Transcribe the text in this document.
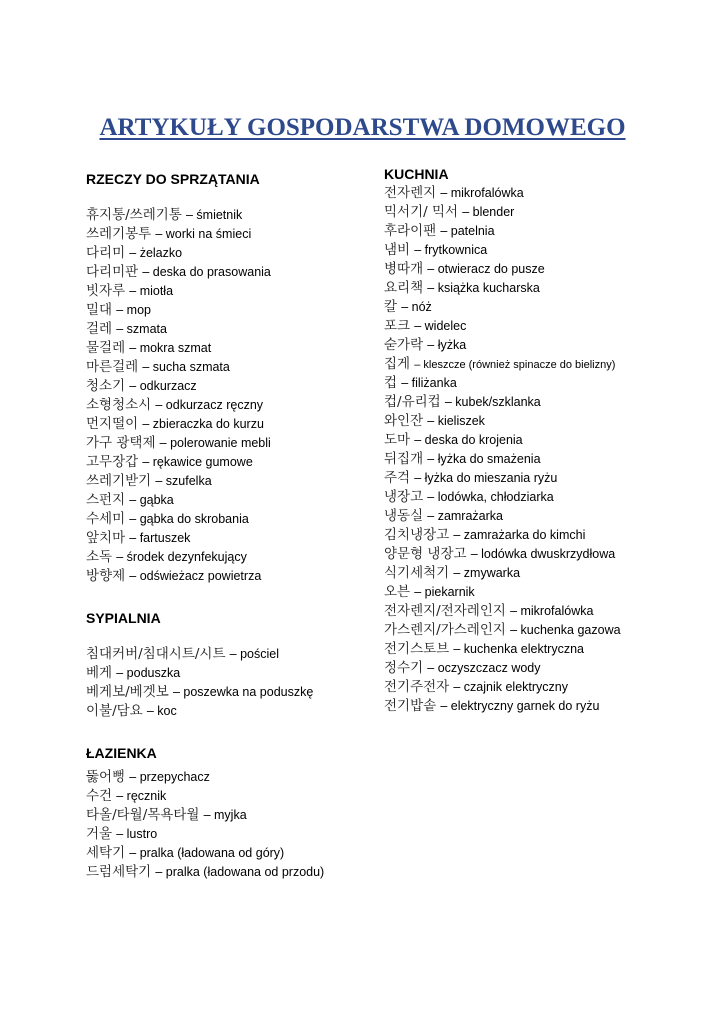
ARTYKUŁY GOSPODARSTWA DOMOWEGO
RZECZY DO SPRZĄTANIA
휴지통/쓰레기통 – śmietnik
쓰레기봉투 – worki na śmieci
다리미 – żelazko
다리미판 – deska do prasowania
빗자루 – miotła
밀대 – mop
걸레 – szmata
물걸레 – mokra szmat
마른걸레 – sucha szmata
청소기 – odkurzacz
소형청소시 – odkurzacz ręczny
먼지떨이 – zbieraczka do kurzu
가구 광택제 – polerowanie mebli
고무장갑 – rękawice gumowe
쓰레기받기 – szufelka
스펀지 – gąbka
수세미 – gąbka do skrobania
앞치마 – fartuszek
소독 – środek dezynfekujący
방향제 – odświeżacz powietrza
SYPIALNIA
침대커버/침대시트/시트 – pościel
베게 – poduszka
베게보/베겟보 – poszewka na poduszkę
이불/담요 – koc
ŁAZIENKA
뚫어뻥 – przepychacz
수건 – ręcznik
타올/타월/목욕타월 – myjka
거울 – lustro
세탁기 – pralka (ładowana od góry)
드럼세탁기 – pralka (ładowana od przodu)
KUCHNIA
전자렌지 – mikrofalówka
믹서기/ 믹서 – blender
후라이팬 – patelnia
냄비 – frytkownica
병따개 – otwieracz do pusze
요리책 – książka kucharska
칼 – nóż
포크 – widelec
숟가락 – łyżka
집게 – kleszcze (również spinacze do bielizny)
컵 – filiżanka
컵/유리컵 – kubek/szklanka
와인잔 – kieliszek
도마 – deska do krojenia
뒤집개 – łyżka do smażenia
주걱 – łyżka do mieszania ryżu
냉장고 – lodówka, chłodziarka
냉동실 – zamrażarka
김치냉장고 – zamrażarka do kimchi
양문형 냉장고 – lodówka dwuskrzydłowa
식기세척기 – zmywarka
오븐 – piekarnik
전자렌지/전자레인지 – mikrofalówka
가스렌지/가스레인지 – kuchenka gazowa
전기스토브 – kuchenka elektryczna
정수기 – oczyszczacz wody
전기주전자 – czajnik elektryczny
전기밥솥 – elektryczny garnek do ryżu
